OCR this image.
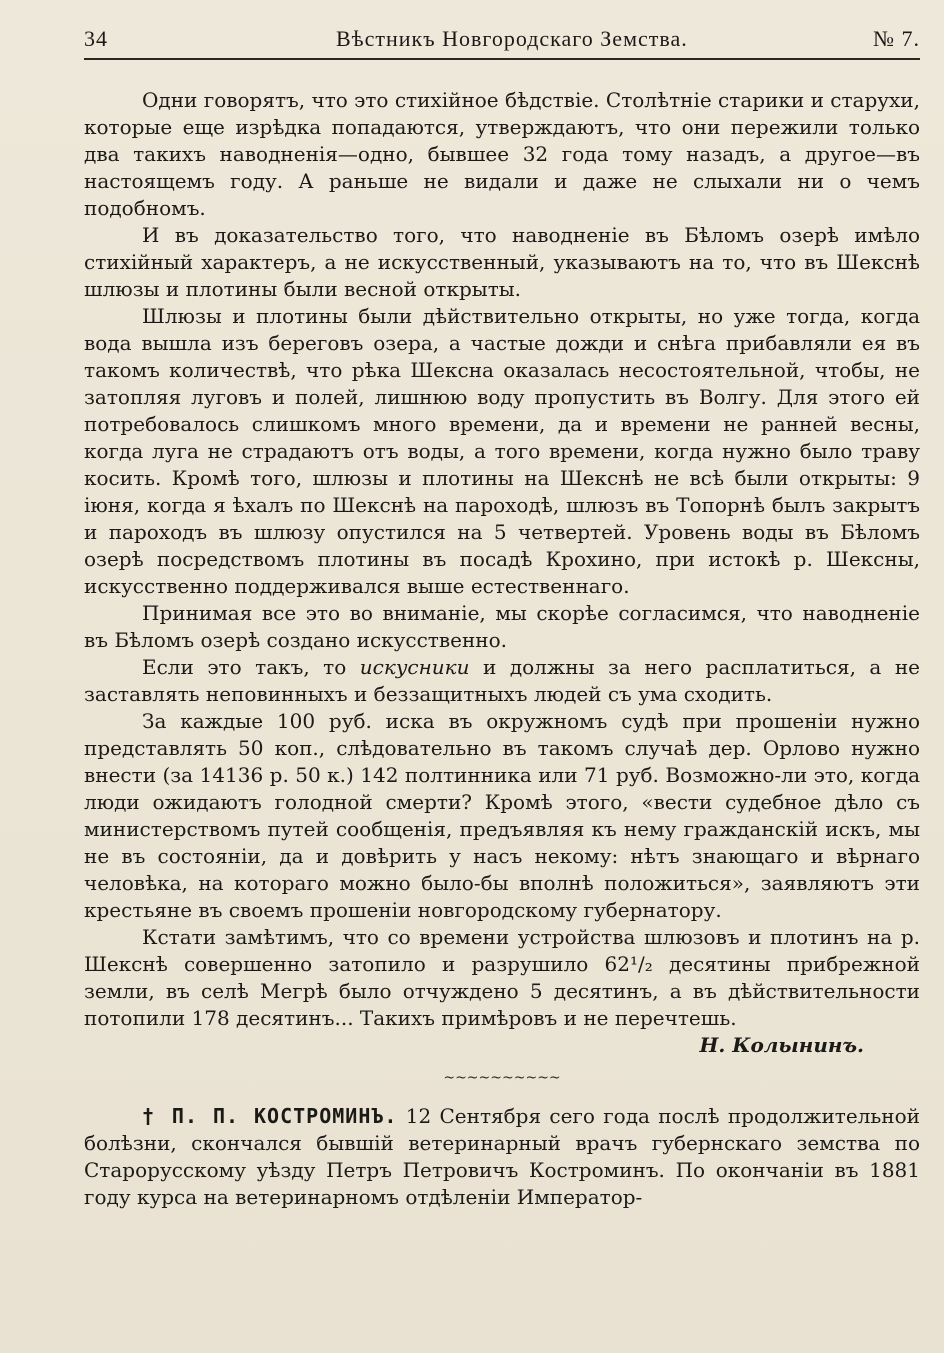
34	Вѣстникъ Новгородскаго Земства.	№ 7.

Одни говорятъ, что это стихійное бѣдствіе. Столѣтніе старики и старухи, которые еще изрѣдка попадаются, утверждаютъ, что они пережили только два такихъ наводненія—одно, бывшее 32 года тому назадъ, а другое—въ настоящемъ году. А раньше не видали и даже не слыхали ни о чемъ подобномъ.

И въ доказательство того, что наводненіе въ Бѣломъ озерѣ имѣло стихійный характеръ, а не искусственный, указываютъ на то, что въ Шекснѣ шлюзы и плотины были весной открыты.

Шлюзы и плотины были дѣйствительно открыты, но уже тогда, когда вода вышла изъ береговъ озера, а частые дожди и снѣга прибавляли ея въ такомъ количествѣ, что рѣка Шексна оказалась несостоятельной, чтобы, не затопляя луговъ и полей, лишнюю воду пропустить въ Волгу. Для этого ей потребовалось слишкомъ много времени, да и времени не ранней весны, когда луга не страдаютъ отъ воды, а того времени, когда нужно было траву косить. Кромѣ того, шлюзы и плотины на Шекснѣ не всѣ были открыты: 9 іюня, когда я ѣхалъ по Шекснѣ на пароходѣ, шлюзъ въ Топорнѣ былъ закрытъ и пароходъ въ шлюзу опустился на 5 четвертей. Уровень воды въ Бѣломъ озерѣ посредствомъ плотины въ посадѣ Крохино, при истокѣ р. Шексны, искусственно поддерживался выше естественнаго.

Принимая все это во вниманіе, мы скорѣе согласимся, что наводненіе въ Бѣломъ озерѣ создано искусственно.

Если это такъ, то искусники и должны за него расплатиться, а не заставлять неповинныхъ и беззащитныхъ людей съ ума сходить.

За каждые 100 руб. иска въ окружномъ судѣ при прошеніи нужно представлять 50 коп., слѣдовательно въ такомъ случаѣ дер. Орлово нужно внести (за 14136 р. 50 к.) 142 полтинника или 71 руб. Возможно-ли это, когда люди ожидаютъ голодной смерти? Кромѣ этого, «вести судебное дѣло съ министерствомъ путей сообщенія, предъявляя къ нему гражданскій искъ, мы не въ состояніи, да и довѣрить у насъ некому: нѣтъ знающаго и вѣрнаго человѣка, на котораго можно было-бы вполнѣ положиться», заявляютъ эти крестьяне въ своемъ прошеніи новгородскому губернатору.

Кстати замѣтимъ, что со времени устройства шлюзовъ и плотинъ на р. Шекснѣ совершенно затопило и разрушило 62¹/₂ десятины прибрежной земли, въ селѣ Мегрѣ было отчуждено 5 десятинъ, а въ дѣйствительности потопили 178 десятинъ... Такихъ примѣровъ и не перечтешь.

Н. Колынинъ.

~~~~~~~~~~

† П. П. КОСТРОМИНЪ. 12 Сентября сего года послѣ продолжительной болѣзни, скончался бывшій ветеринарный врачъ губернскаго земства по Старорусскому уѣзду Петръ Петровичъ Костроминъ. По окончаніи въ 1881 году курса на ветеринарномъ отдѣленіи Император-
